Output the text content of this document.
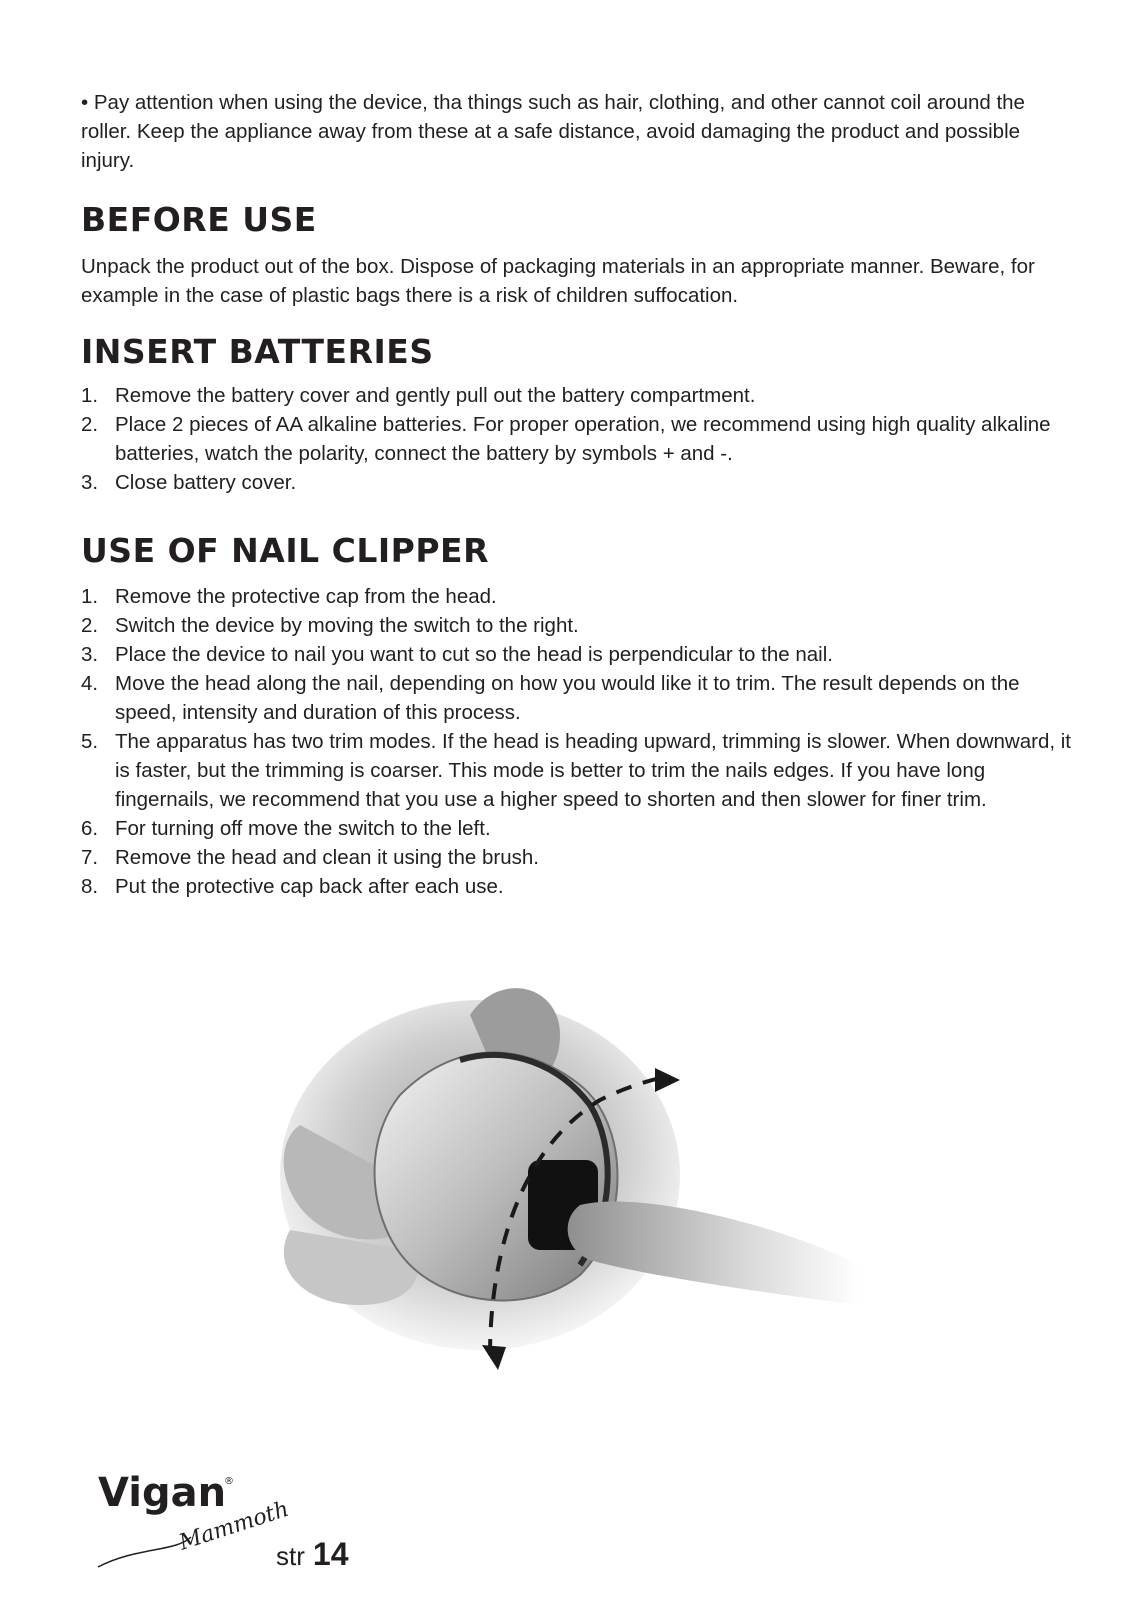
• Pay attention when using the device, tha things such as hair, clothing, and other cannot coil around the roller. Keep the appliance away from these at a safe distance, avoid damaging the product and possible injury.

BEFORE USE

Unpack the product out of the box. Dispose of packaging materials in an appropriate manner. Beware, for example in the case of plastic bags there is a risk of children suffocation.

INSERT BATTERIES
1. Remove the battery cover and gently pull out the battery compartment.
2. Place 2 pieces of AA alkaline batteries. For proper operation, we recommend using high quality alkaline batteries, watch the polarity, connect the battery by symbols + and -.
3. Close battery cover.
USE OF NAIL CLIPPER
1. Remove the protective cap from the head.
2. Switch the device by moving the switch to the right.
3. Place the device to nail you want to cut so the head is perpendicular to the nail.
4. Move the head along the nail, depending on how you would like it to trim. The result depends on the speed, intensity and duration of this process.
5. The apparatus has two trim modes. If the head is heading upward, trimming is slower. When downward, it is faster, but the trimming is coarser. This mode is better to trim the nails edges. If you have long fingernails, we recommend that you use a higher speed to shorten and then slower for finer trim.
6. For turning off move the switch to the left.
7. Remove the head and clean it using the brush.
8. Put the protective cap back after each use.
Vigan
®
Mammoth
str 14
